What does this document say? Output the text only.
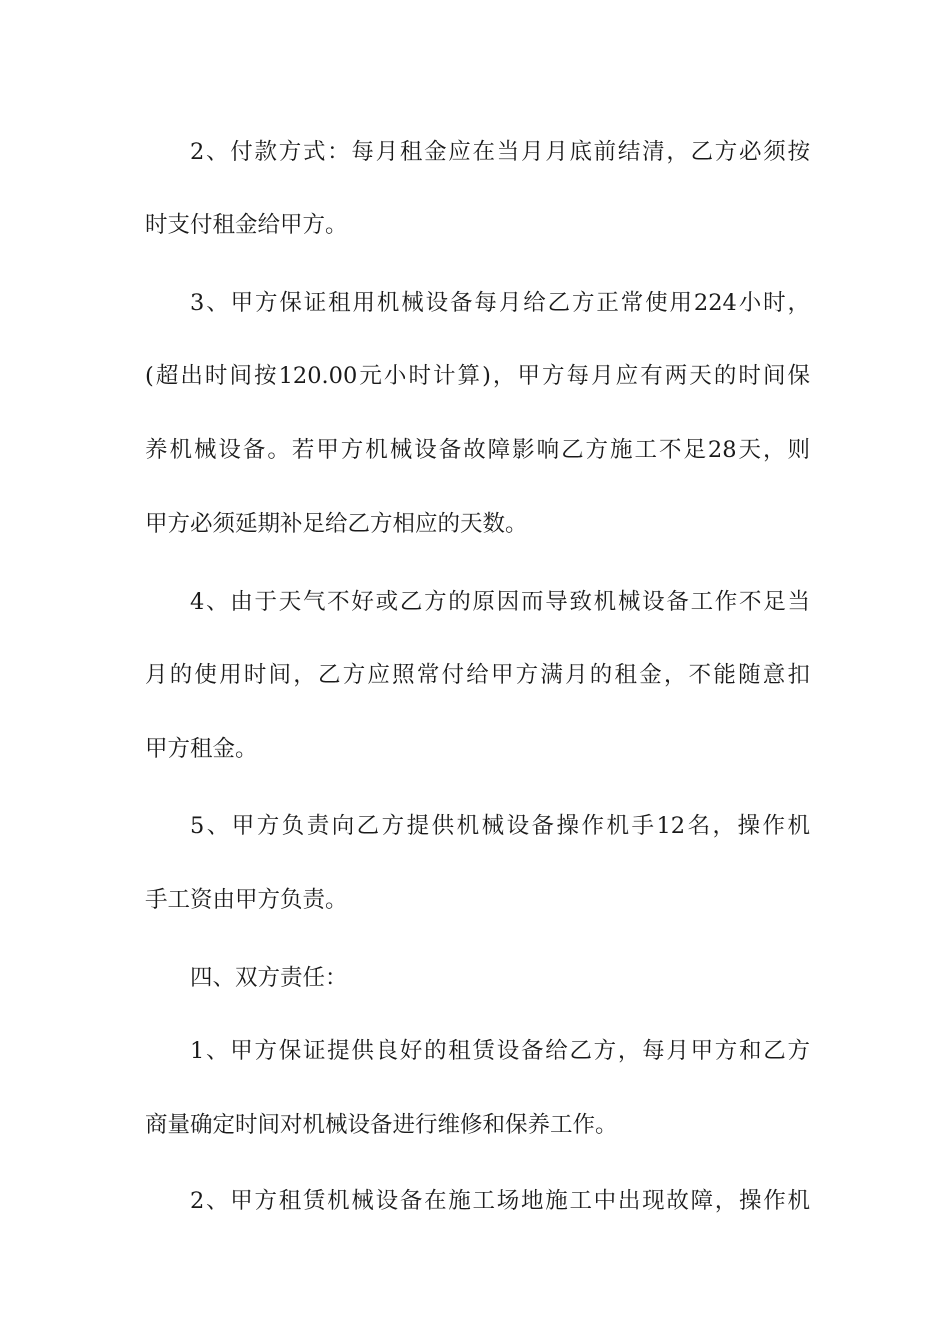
2、付款方式：每月租金应在当月月底前结清，乙方必须按
时支付租金给甲方。
3、甲方保证租用机械设备每月给乙方正常使用224小时，
(超出时间按120.00元小时计算)，甲方每月应有两天的时间保
养机械设备。若甲方机械设备故障影响乙方施工不足28天，则
甲方必须延期补足给乙方相应的天数。
4、由于天气不好或乙方的原因而导致机械设备工作不足当
月的使用时间，乙方应照常付给甲方满月的租金，不能随意扣
甲方租金。
5、甲方负责向乙方提供机械设备操作机手12名，操作机
手工资由甲方负责。
四、双方责任：
1、甲方保证提供良好的租赁设备给乙方，每月甲方和乙方
商量确定时间对机械设备进行维修和保养工作。
2、甲方租赁机械设备在施工场地施工中出现故障，操作机
